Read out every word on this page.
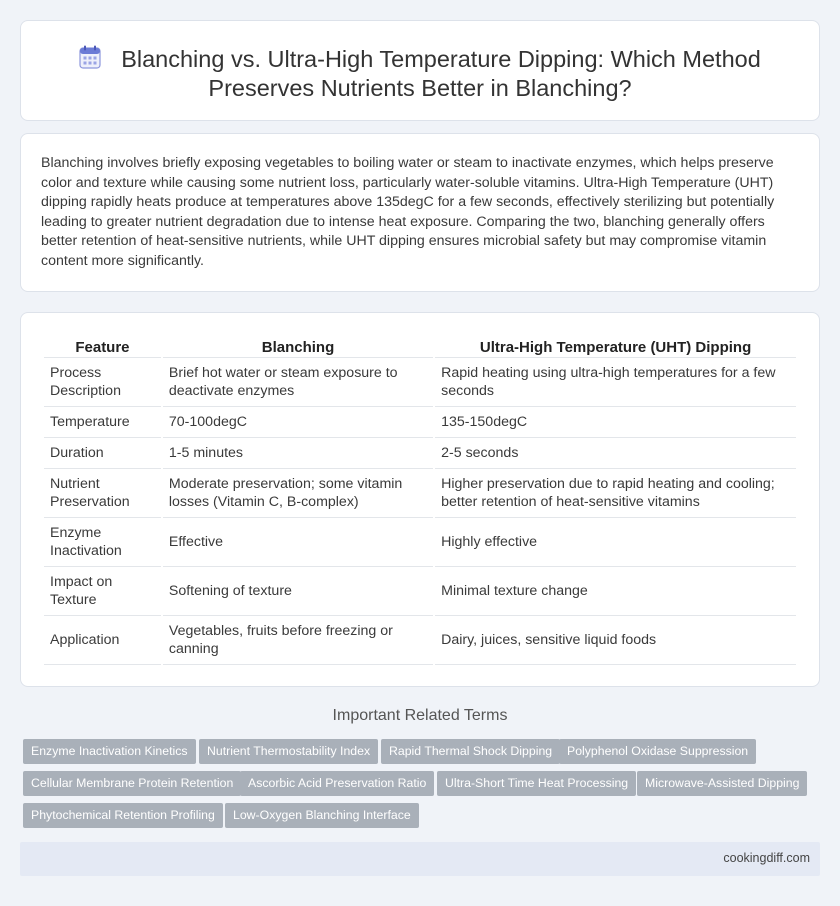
Blanching vs. Ultra-High Temperature Dipping: Which Method
Preserves Nutrients Better in Blanching?

Blanching involves briefly exposing vegetables to boiling water or steam to inactivate enzymes, which helps preserve color and texture while causing some nutrient loss, particularly water-soluble vitamins. Ultra-High Temperature (UHT) dipping rapidly heats produce at temperatures above 135degC for a few seconds, effectively sterilizing but potentially leading to greater nutrient degradation due to intense heat exposure. Comparing the two, blanching generally offers better retention of heat-sensitive nutrients, while UHT dipping ensures microbial safety but may compromise vitamin content more significantly.

Feature	Blanching	Ultra-High Temperature (UHT) Dipping
Process Description	Brief hot water or steam exposure to deactivate enzymes	Rapid heating using ultra-high temperatures for a few seconds
Temperature	70-100degC	135-150degC
Duration	1-5 minutes	2-5 seconds
Nutrient Preservation	Moderate preservation; some vitamin losses (Vitamin C, B-complex)	Higher preservation due to rapid heating and cooling; better retention of heat-sensitive vitamins
Enzyme Inactivation	Effective	Highly effective
Impact on Texture	Softening of texture	Minimal texture change
Application	Vegetables, fruits before freezing or canning	Dairy, juices, sensitive liquid foods
Important Related Terms
Enzyme Inactivation Kinetics	Nutrient Thermostability Index	Rapid Thermal Shock Dipping	Polyphenol Oxidase Suppression
Cellular Membrane Protein Retention	Ascorbic Acid Preservation Ratio	Ultra-Short Time Heat Processing	Microwave-Assisted Dipping
Phytochemical Retention Profiling	Low-Oxygen Blanching Interface
cookingdiff.com
